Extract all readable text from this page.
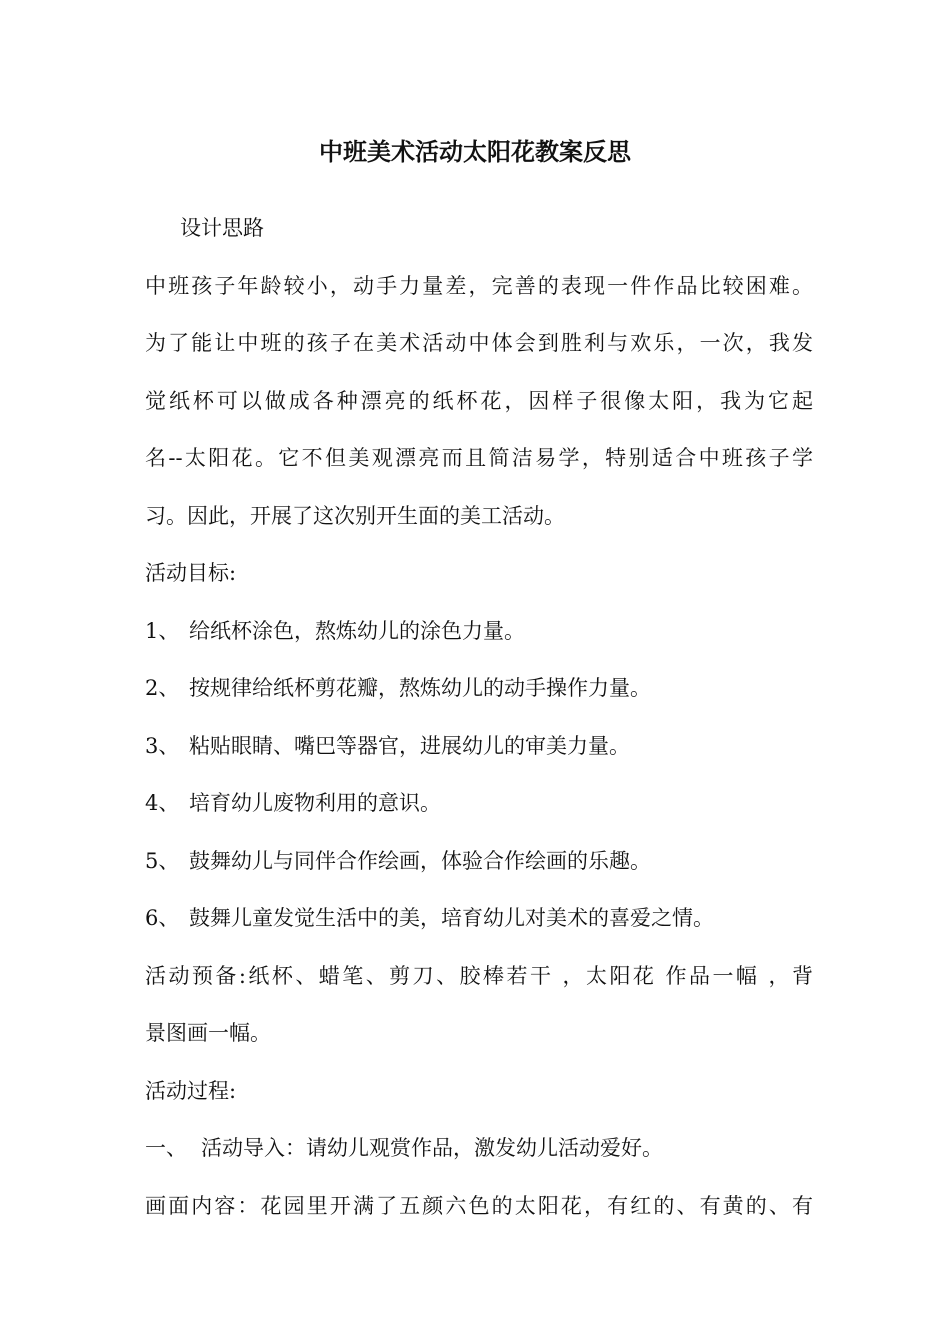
中班美术活动太阳花教案反思
设计思路
中班孩子年龄较小，动手力量差，完善的表现一件作品比较困难。
为了能让中班的孩子在美术活动中体会到胜利与欢乐，一次，我发
觉纸杯可以做成各种漂亮的纸杯花，因样子很像太阳，我为它起
名--太阳花。它不但美观漂亮而且简洁易学，特别适合中班孩子学
习。因此，开展了这次别开生面的美工活动。
活动目标:
1、 给纸杯涂色，熬炼幼儿的涂色力量。
2、 按规律给纸杯剪花瓣，熬炼幼儿的动手操作力量。
3、 粘贴眼睛、嘴巴等器官，进展幼儿的审美力量。
4、 培育幼儿废物利用的意识。
5、 鼓舞幼儿与同伴合作绘画，体验合作绘画的乐趣。
6、 鼓舞儿童发觉生活中的美，培育幼儿对美术的喜爱之情。
活动预备:纸杯、蜡笔、剪刀、胶棒若干 ，太阳花 作品一幅 ，背
景图画一幅。
活动过程:
一、 活动导入：请幼儿观赏作品，激发幼儿活动爱好。
画面内容：花园里开满了五颜六色的太阳花，有红的、有黄的、有
